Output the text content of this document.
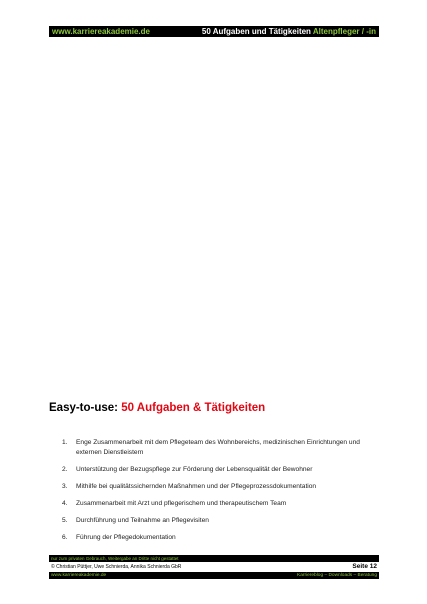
www.karriereakademie.de	50 Aufgaben und Tätigkeiten Altenpfleger / -in
Easy-to-use: 50 Aufgaben & Tätigkeiten
1.	Enge Zusammenarbeit mit dem Pflegeteam des Wohnbereichs, medizinischen Einrichtungen und externen Dienstleistern
2.	Unterstützung der Bezugspflege zur Förderung der Lebensqualität der Bewohner
3.	Mithilfe bei qualitätssichernden Maßnahmen und der Pflegeprozessdokumentation
4.	Zusammenarbeit mit Arzt und pflegerischem und therapeutischem Team
5.	Durchführung und Teilnahme an Pflegevisiten
6.	Führung der Pflegedokumentation
nur zum privaten Gebrauch, Weitergabe an Dritte nicht gestattet
© Christian Püttjer, Uwe Schnierda, Annika Schnierda GbR	Seite 12
www.karriereakademie.de	Karriereblog – Downloads – Beratung
